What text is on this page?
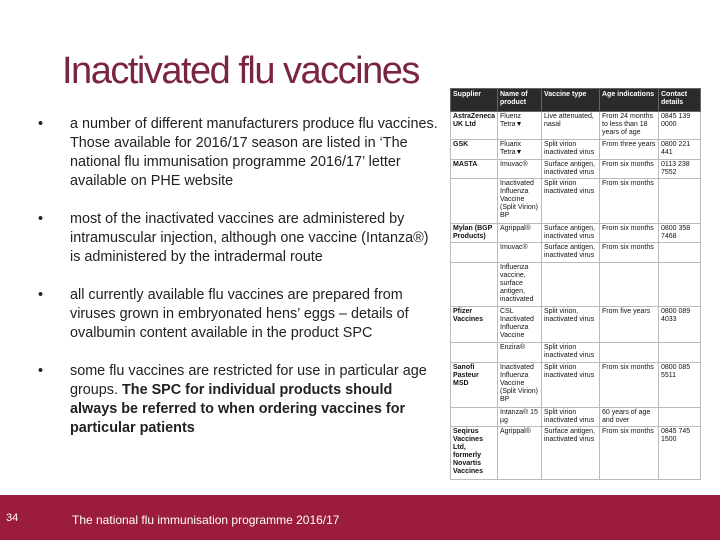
Inactivated flu vaccines
• a number of different manufacturers produce flu vaccines. Those available for 2016/17 season are listed in ‘The national flu immunisation programme 2016/17’ letter available on PHE website
• most of the inactivated vaccines are administered by intramuscular injection, although one vaccine (Intanza®) is administered by the intradermal route
• all currently available flu vaccines are prepared from viruses grown in embryonated hens’ eggs – details of ovalbumin content available in the product SPC
• some flu vaccines are restricted for use in particular age groups. The SPC for individual products should always be referred to when ordering vaccines for particular patients
Supplier	Name of product	Vaccine type	Age indications	Contact details
AstraZeneca UK Ltd	Fluenz Tetra▼	Live attenuated, nasal	From 24 months to less than 18 years of age	0845 139 0000
GSK	Fluarix Tetra▼	Split virion inactivated virus	From three years	0800 221 441
MASTA	Imuvac®	Surface antigen, inactivated virus	From six months	0113 238 7552
	Inactivated Influenza Vaccine (Split Virion) BP	Split virion inactivated virus	From six months	
Mylan (BGP Products)	Agrippal®	Surface antigen, inactivated virus	From six months	0800 358 7468
	Imuvac®	Surface antigen, inactivated virus	From six months	
	Influenza vaccine, surface antigen, inactivated			
Pfizer Vaccines	CSL Inactivated Influenza Vaccine	Split virion, inactivated virus	From five years	0800 089 4033
	Enzira®	Split virion inactivated virus		
Sanofi Pasteur MSD	Inactivated Influenza Vaccine (Split Virion) BP	Split virion inactivated virus	From six months	0800 085 5511
	Intanza® 15 µg	Split virion inactivated virus	60 years of age and over	
Seqirus Vaccines Ltd, formerly Novartis Vaccines	Agrippal®	Surface antigen, inactivated virus	From six months	0845 745 1500
34	The national flu immunisation programme 2016/17
